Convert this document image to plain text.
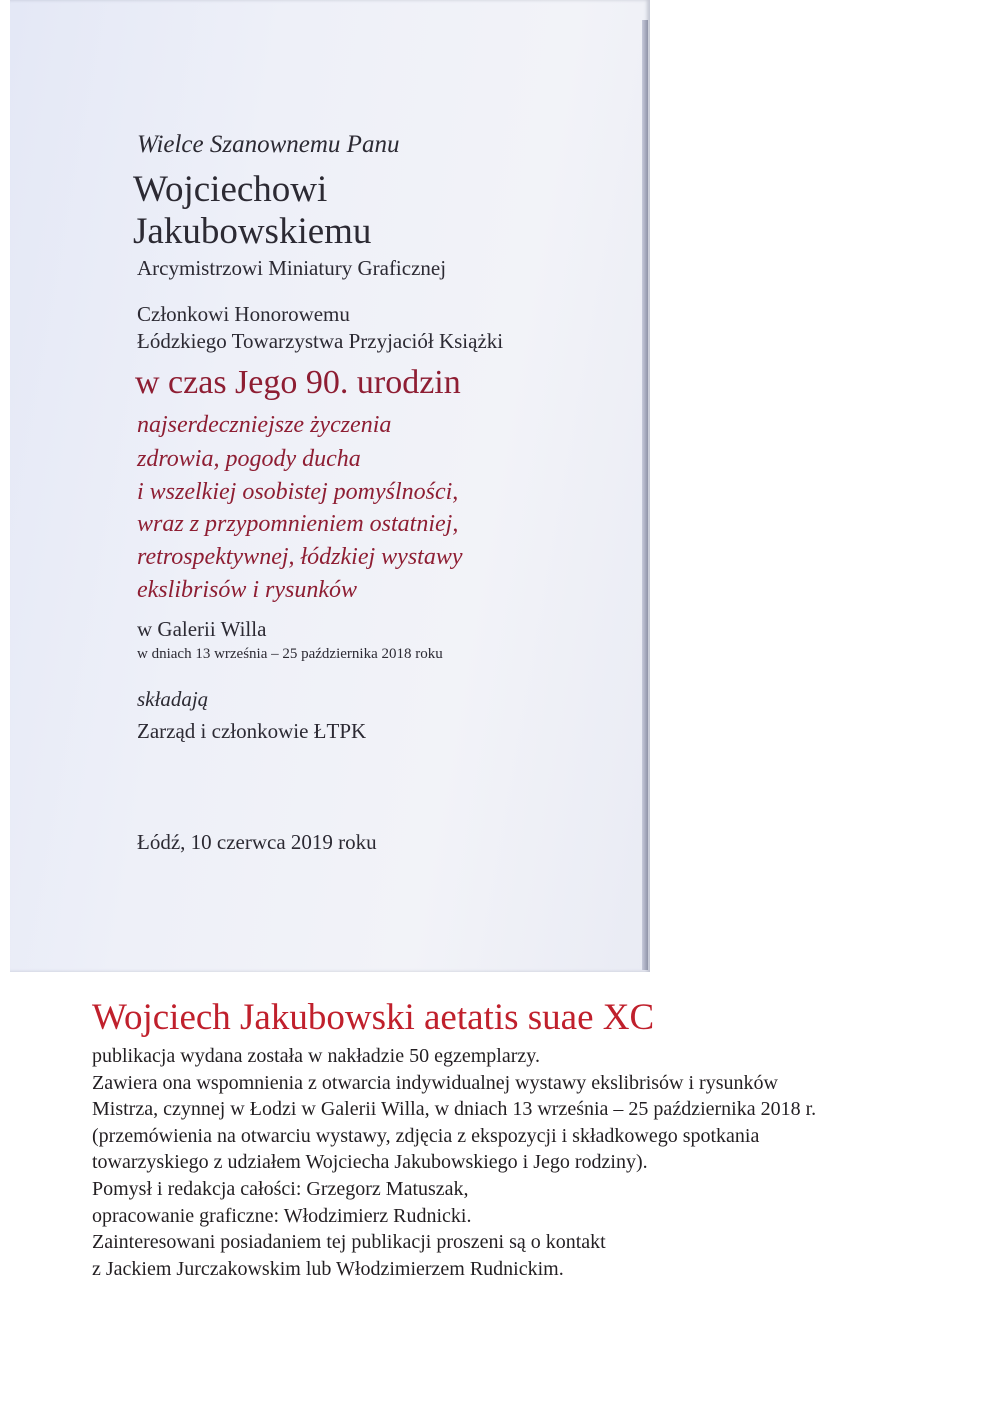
Wielce Szanownemu Panu
Wojciechowi
Jakubowskiemu
Arcymistrzowi Miniatury Graficznej
Członkowi Honorowemu
Łódzkiego Towarzystwa Przyjaciół Książki
w czas Jego 90. urodzin
najserdeczniejsze życzenia
zdrowia, pogody ducha
i wszelkiej osobistej pomyślności,
wraz z przypomnieniem ostatniej,
retrospektywnej, łódzkiej wystawy
ekslibrisów i rysunków
w Galerii Willa
w dniach 13 września – 25 października 2018 roku
składają
Zarząd i członkowie ŁTPK
Łódź, 10 czerwca 2019 roku
Wojciech Jakubowski aetatis suae XC
publikacja wydana została w nakładzie 50 egzemplarzy.
Zawiera ona wspomnienia z otwarcia indywidualnej wystawy ekslibrisów i rysunków
Mistrza, czynnej w Łodzi w Galerii Willa, w dniach 13 września – 25 października 2018 r.
(przemówienia na otwarciu wystawy, zdjęcia z ekspozycji i składkowego spotkania
towarzyskiego z udziałem Wojciecha Jakubowskiego i Jego rodziny).
Pomysł i redakcja całości: Grzegorz Matuszak,
opracowanie graficzne: Włodzimierz Rudnicki.
Zainteresowani posiadaniem tej publikacji proszeni są o kontakt
z Jackiem Jurczakowskim lub Włodzimierzem Rudnickim.
